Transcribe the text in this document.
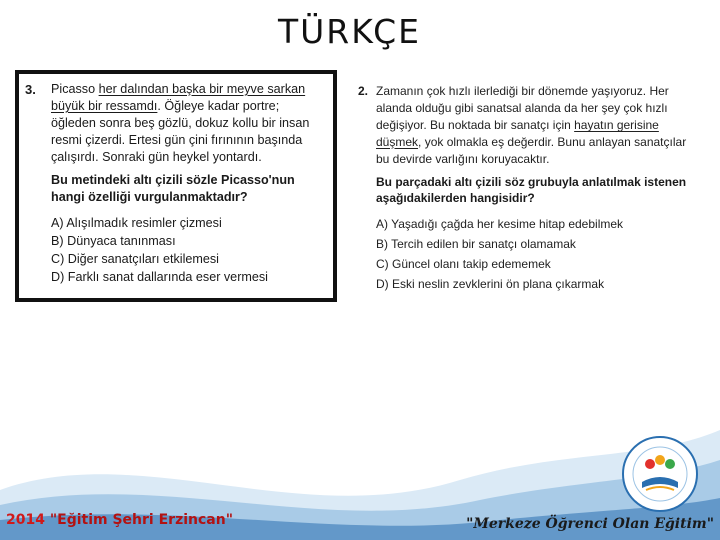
TÜRKÇE
3. Picasso her dalından başka bir meyve sarkan büyük bir ressamdı. Öğleye kadar portre; öğleden sonra beş gözlü, dokuz kollu bir insan resmi çizerdi. Ertesi gün çini fırınının başında çalışırdı. Sonraki gün heykel yontardı.

Bu metindeki altı çizili sözle Picasso'nun hangi özelliği vurgulanmaktadır?

A) Alışılmadık resimler çizmesi
B) Dünyaca tanınması
C) Diğer sanatçıları etkilemesi
D) Farklı sanat dallarında eser vermesi
2. Zamanın çok hızlı ilerlediği bir dönemde yaşıyoruz. Her alanda olduğu gibi sanatsal alanda da her şey çok hızlı değişiyor. Bu noktada bir sanatçı için hayatın gerisine düşmek, yok olmakla eş değerdir. Bunu anlayan sanatçılar bu devirde varlığını koruyacaktır.

Bu parçadaki altı çizili söz grubuyla anlatılmak istenen aşağıdakilerden hangisidir?

A) Yaşadığı çağda her kesime hitap edebilmek
B) Tercih edilen bir sanatçı olamamak
C) Güncel olanı takip edememek
D) Eski neslin zevklerini ön plana çıkarmak
2014 "Eğitim Şehri Erzincan"	"Merkeze Öğrenci Olan Eğitim"
